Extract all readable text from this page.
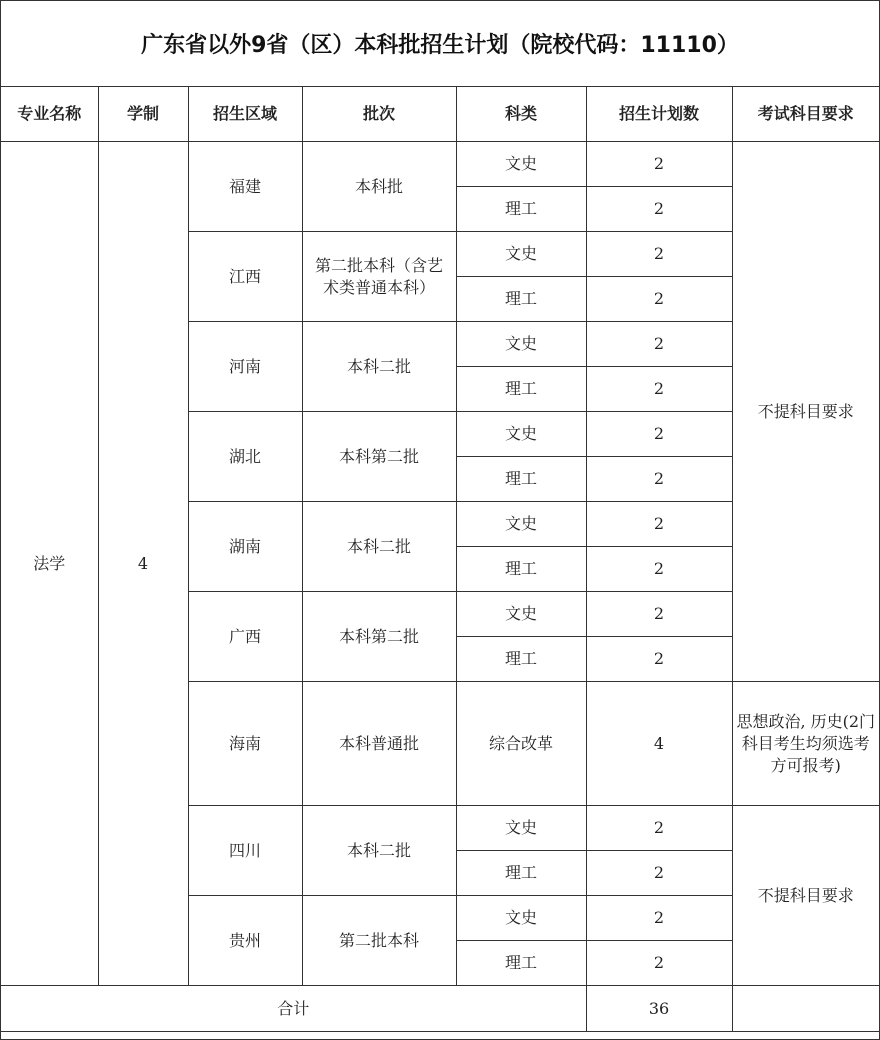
广东省以外9省（区）本科批招生计划（院校代码：11110）
专业名称	学制	招生区域	批次	科类	招生计划数	考试科目要求
法学	4	福建	本科批	文史	2	不提科目要求
				理工	2	
		江西	第二批本科（含艺术类普通本科）	文史	2	
				理工	2	
		河南	本科二批	文史	2	
				理工	2	
		湖北	本科第二批	文史	2	
				理工	2	
		湖南	本科二批	文史	2	
				理工	2	
		广西	本科第二批	文史	2	
				理工	2	
		海南	本科普通批	综合改革	4	思想政治, 历史(2门科目考生均须选考方可报考)
		四川	本科二批	文史	2	不提科目要求
				理工	2	
		贵州	第二批本科	文史	2	
				理工	2	
合计					36	
